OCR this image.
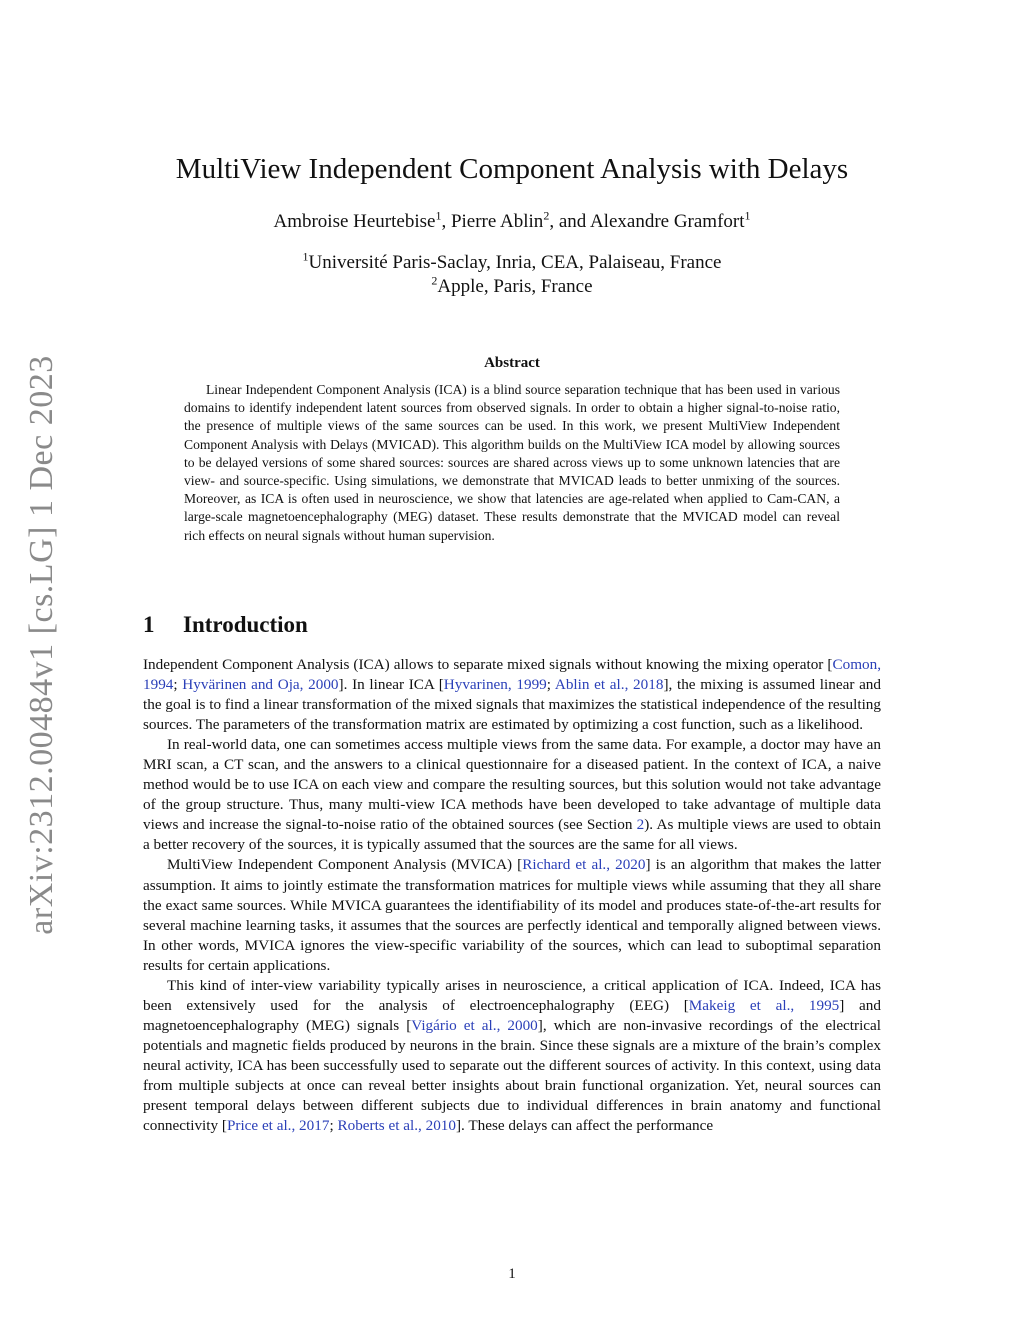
arXiv:2312.00484v1 [cs.LG] 1 Dec 2023
MultiView Independent Component Analysis with Delays
Ambroise Heurtebise$^1$, Pierre Ablin$^2$, and Alexandre Gramfort$^1$
$^1$Université Paris-Saclay, Inria, CEA, Palaiseau, France
$^2$Apple, Paris, France
Abstract

Linear Independent Component Analysis (ICA) is a blind source separation technique that has been used in various domains to identify independent latent sources from observed signals. In order to obtain a higher signal-to-noise ratio, the presence of multiple views of the same sources can be used. In this work, we present MultiView Independent Component Analysis with Delays (MVICAD). This algorithm builds on the MultiView ICA model by allowing sources to be delayed versions of some shared sources: sources are shared across views up to some unknown latencies that are view- and source-specific. Using simulations, we demonstrate that MVICAD leads to better unmixing of the sources. Moreover, as ICA is often used in neuroscience, we show that latencies are age-related when applied to Cam-CAN, a large-scale magnetoencephalography (MEG) dataset. These results demonstrate that the MVICAD model can reveal rich effects on neural signals without human supervision.

1 Introduction

Independent Component Analysis (ICA) allows to separate mixed signals without knowing the mixing operator [Comon, 1994; Hyvärinen and Oja, 2000]. In linear ICA [Hyvarinen, 1999; Ablin et al., 2018], the mixing is assumed linear and the goal is to find a linear transformation of the mixed signals that maximizes the statistical independence of the resulting sources. The parameters of the transformation matrix are estimated by optimizing a cost function, such as a likelihood.

In real-world data, one can sometimes access multiple views from the same data. For example, a doctor may have an MRI scan, a CT scan, and the answers to a clinical questionnaire for a diseased patient. In the context of ICA, a naive method would be to use ICA on each view and compare the resulting sources, but this solution would not take advantage of the group structure. Thus, many multi-view ICA methods have been developed to take advantage of multiple data views and increase the signal-to-noise ratio of the obtained sources (see Section 2). As multiple views are used to obtain a better recovery of the sources, it is typically assumed that the sources are the same for all views.

MultiView Independent Component Analysis (MVICA) [Richard et al., 2020] is an algorithm that makes the latter assumption. It aims to jointly estimate the transformation matrices for multiple views while assuming that they all share the exact same sources. While MVICA guarantees the identifiability of its model and produces state-of-the-art results for several machine learning tasks, it assumes that the sources are perfectly identical and temporally aligned between views. In other words, MVICA ignores the view-specific variability of the sources, which can lead to suboptimal separation results for certain applications.

This kind of inter-view variability typically arises in neuroscience, a critical application of ICA. Indeed, ICA has been extensively used for the analysis of electroencephalography (EEG) [Makeig et al., 1995] and magnetoencephalography (MEG) signals [Vigário et al., 2000], which are non-invasive recordings of the electrical potentials and magnetic fields produced by neurons in the brain. Since these signals are a mixture of the brain’s complex neural activity, ICA has been successfully used to separate out the different sources of activity. In this context, using data from multiple subjects at once can reveal better insights about brain functional organization. Yet, neural sources can present temporal delays between different subjects due to individual differences in brain anatomy and functional connectivity [Price et al., 2017; Roberts et al., 2010]. These delays can affect the performance

1
